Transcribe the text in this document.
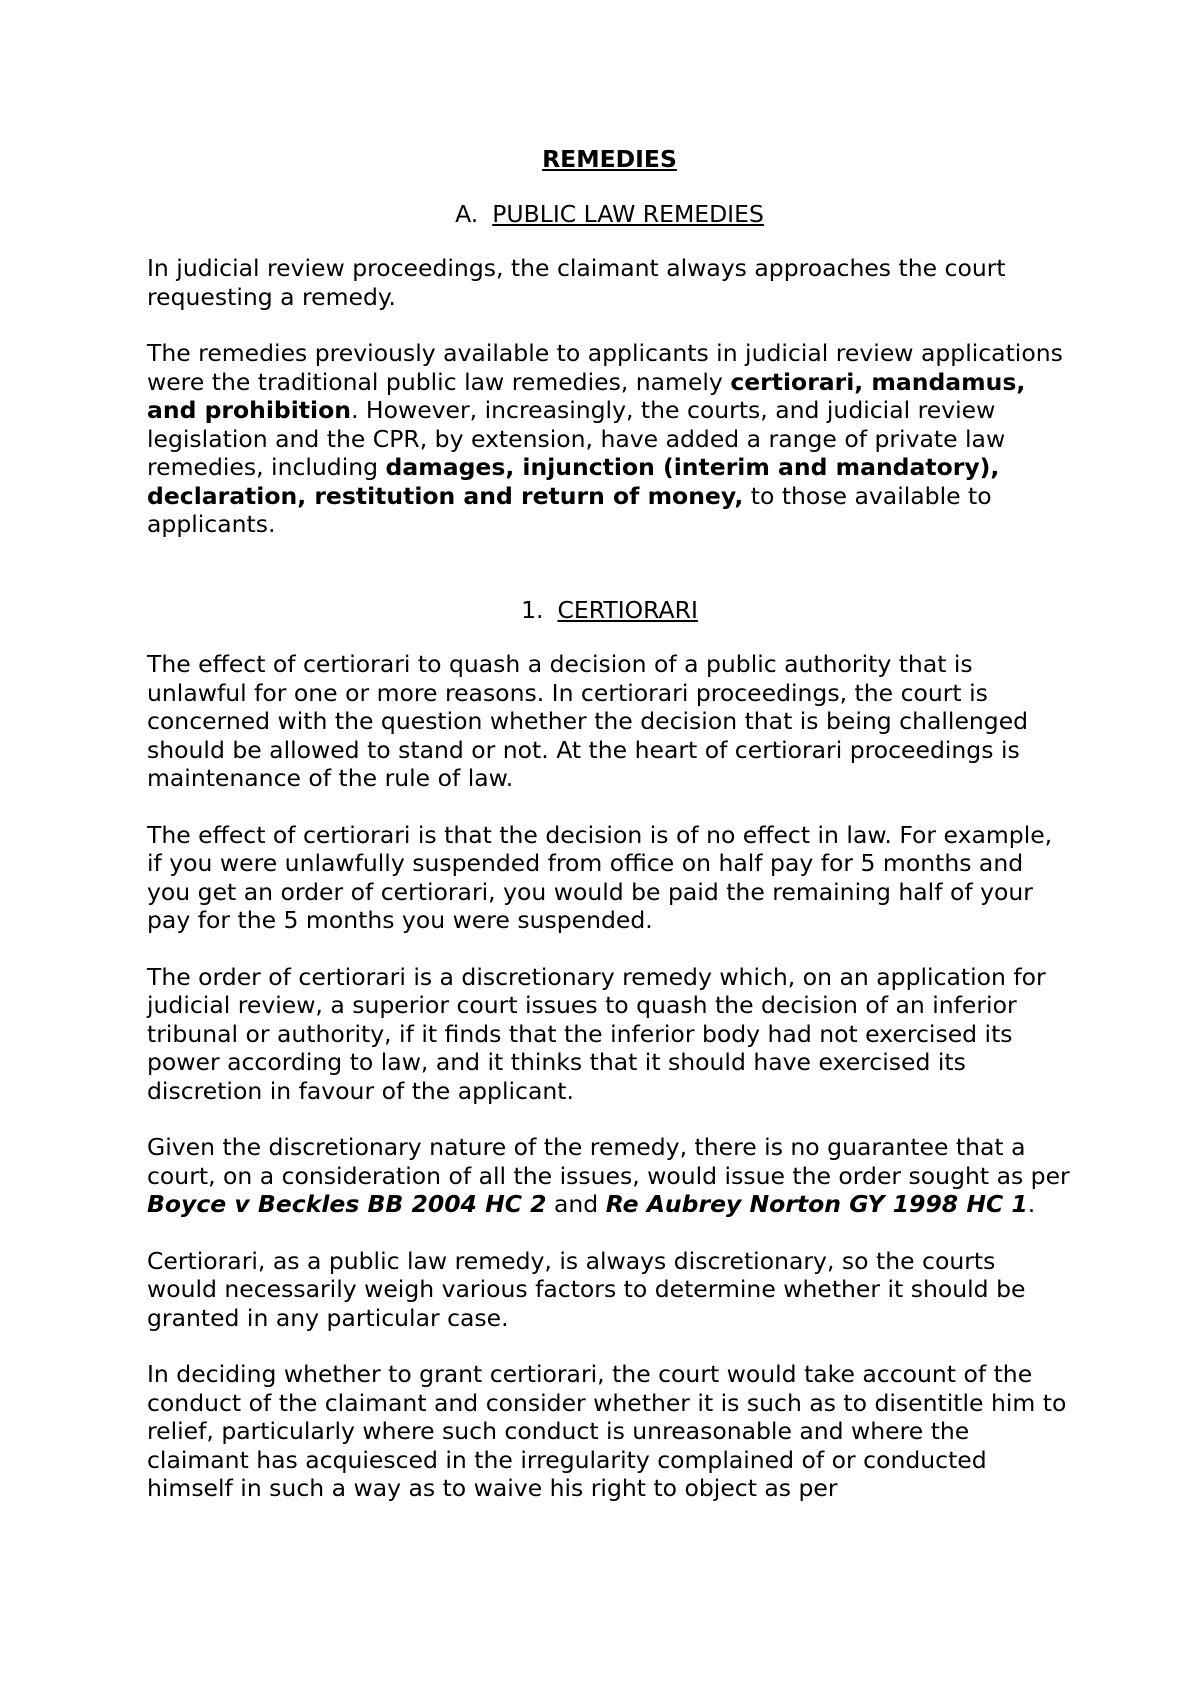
REMEDIES

A. PUBLIC LAW REMEDIES

In judicial review proceedings, the claimant always approaches the court requesting a remedy.

The remedies previously available to applicants in judicial review applications were the traditional public law remedies, namely certiorari, mandamus, and prohibition. However, increasingly, the courts, and judicial review legislation and the CPR, by extension, have added a range of private law remedies, including damages, injunction (interim and mandatory), declaration, restitution and return of money, to those available to applicants.

1. CERTIORARI

The effect of certiorari to quash a decision of a public authority that is unlawful for one or more reasons. In certiorari proceedings, the court is concerned with the question whether the decision that is being challenged should be allowed to stand or not. At the heart of certiorari proceedings is maintenance of the rule of law.

The effect of certiorari is that the decision is of no effect in law. For example, if you were unlawfully suspended from office on half pay for 5 months and you get an order of certiorari, you would be paid the remaining half of your pay for the 5 months you were suspended.

The order of certiorari is a discretionary remedy which, on an application for judicial review, a superior court issues to quash the decision of an inferior tribunal or authority, if it finds that the inferior body had not exercised its power according to law, and it thinks that it should have exercised its discretion in favour of the applicant.

Given the discretionary nature of the remedy, there is no guarantee that a court, on a consideration of all the issues, would issue the order sought as per Boyce v Beckles BB 2004 HC 2 and Re Aubrey Norton GY 1998 HC 1.

Certiorari, as a public law remedy, is always discretionary, so the courts would necessarily weigh various factors to determine whether it should be granted in any particular case.

In deciding whether to grant certiorari, the court would take account of the conduct of the claimant and consider whether it is such as to disentitle him to relief, particularly where such conduct is unreasonable and where the claimant has acquiesced in the irregularity complained of or conducted himself in such a way as to waive his right to object as per
